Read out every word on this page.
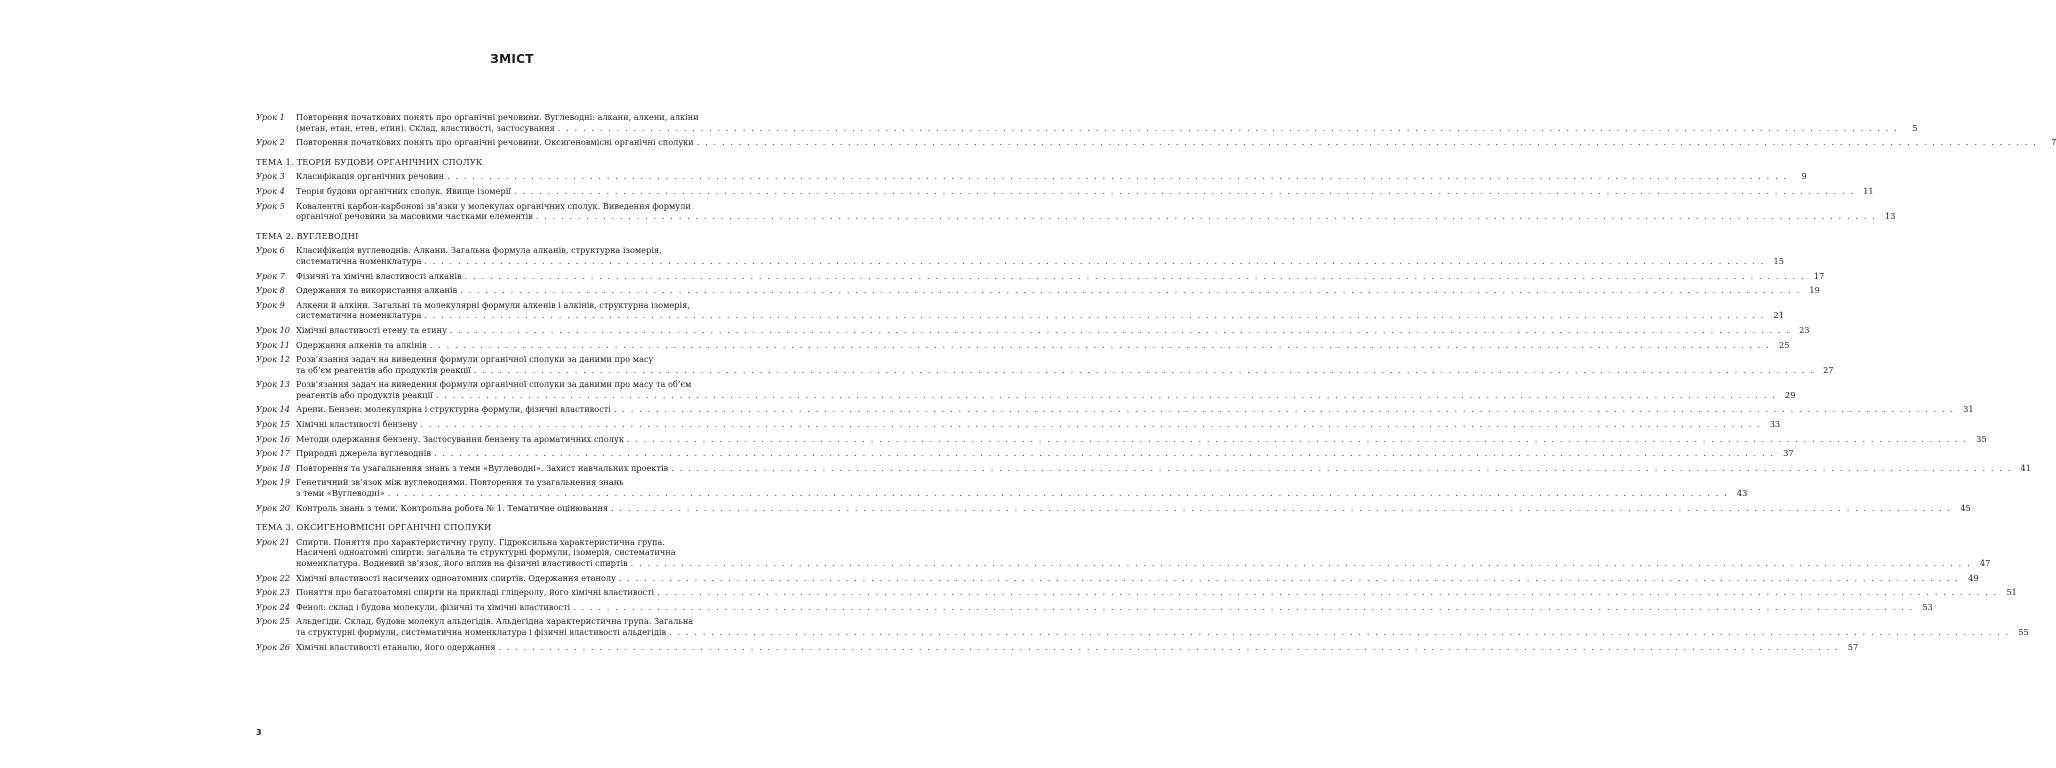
ЗМІСТ
Урок 1	Повторення початкових понять про органічні речовини. Вуглеводні: алкани, алкени, алкіни
(метан, етан, етен, етин). Склад, властивості, застосування . . . . . . . . . . . . . . . . . . . . . . . . . . . . . . . . . . . . . . . . . . . . . . . . . . . . . . . . . . . . . . . . . . . . . . . . . . . . . . . . . . . . . . . . . . . . . . . . . . . . . . . . . . . . . . . . . . . . . . . . . . . . . . . . . . . . . . . . . . . . . . . . . . . . . . . . . . . . . . . .	5
Урок 2	Повторення початкових понять про органічні речовини. Оксигеновмісні органічні сполуки . . . . . . . . . . . . . . . . . . . . . . . . . . . . . . . . . . . . . . . . . . . . . . . . . . . . . . . . . . . . . . . . . . . . . . . . . . . . . . . . . . . . . . . . . . . . . . . . . . . . . . . . . . . . . . . . . . . . . . . . . . . . . . . . . . . . . . . . . . . . . . . . . . . . . . . . . . . . . . . .	7
ТЕМА 1. ТЕОРІЯ БУДОВИ ОРГАНІЧНИХ СПОЛУК
Урок 3	Класифікація органічних речовин . . . . . . . . . . . . . . . . . . . . . . . . . . . . . . . . . . . . . . . . . . . . . . . . . . . . . . . . . . . . . . . . . . . . . . . . . . . . . . . . . . . . . . . . . . . . . . . . . . . . . . . . . . . . . . . . . . . . . . . . . . . . . . . . . . . . . . . . . . . . . . . . . . . . . . . . . . . . . . . .	9
Урок 4	Теорія будови органічних сполук. Явище ізомерії . . . . . . . . . . . . . . . . . . . . . . . . . . . . . . . . . . . . . . . . . . . . . . . . . . . . . . . . . . . . . . . . . . . . . . . . . . . . . . . . . . . . . . . . . . . . . . . . . . . . . . . . . . . . . . . . . . . . . . . . . . . . . . . . . . . . . . . . . . . . . . . . . . . . . . . . . . . . . . . .	11
Урок 5	Ковалентні карбон-карбонові зв’язки у молекулах органічних сполук. Виведення формули
органічної речовини за масовими частками елементів . . . . . . . . . . . . . . . . . . . . . . . . . . . . . . . . . . . . . . . . . . . . . . . . . . . . . . . . . . . . . . . . . . . . . . . . . . . . . . . . . . . . . . . . . . . . . . . . . . . . . . . . . . . . . . . . . . . . . . . . . . . . . . . . . . . . . . . . . . . . . . . . . . . . . . . . . . . . . . . .	13
ТЕМА 2. ВУГЛЕВОДНІ
Урок 6	Класифікація вуглеводнів. Алкани. Загальна формула алканів, структурна ізомерія,
систематична номенклатура . . . . . . . . . . . . . . . . . . . . . . . . . . . . . . . . . . . . . . . . . . . . . . . . . . . . . . . . . . . . . . . . . . . . . . . . . . . . . . . . . . . . . . . . . . . . . . . . . . . . . . . . . . . . . . . . . . . . . . . . . . . . . . . . . . . . . . . . . . . . . . . . . . . . . . . . . . . . . . . .	15
Урок 7	Фізичні та хімічні властивості алканів . . . . . . . . . . . . . . . . . . . . . . . . . . . . . . . . . . . . . . . . . . . . . . . . . . . . . . . . . . . . . . . . . . . . . . . . . . . . . . . . . . . . . . . . . . . . . . . . . . . . . . . . . . . . . . . . . . . . . . . . . . . . . . . . . . . . . . . . . . . . . . . . . . . . . . . . . . . . . . . .	17
Урок 8	Одержання та використання алканів . . . . . . . . . . . . . . . . . . . . . . . . . . . . . . . . . . . . . . . . . . . . . . . . . . . . . . . . . . . . . . . . . . . . . . . . . . . . . . . . . . . . . . . . . . . . . . . . . . . . . . . . . . . . . . . . . . . . . . . . . . . . . . . . . . . . . . . . . . . . . . . . . . . . . . . . . . . . . . . .	19
Урок 9	Алкени й алкіни. Загальні та молекулярні формули алкенів і алкінів, структурна ізомерія,
систематична номенклатура . . . . . . . . . . . . . . . . . . . . . . . . . . . . . . . . . . . . . . . . . . . . . . . . . . . . . . . . . . . . . . . . . . . . . . . . . . . . . . . . . . . . . . . . . . . . . . . . . . . . . . . . . . . . . . . . . . . . . . . . . . . . . . . . . . . . . . . . . . . . . . . . . . . . . . . . . . . . . . . .	21
Урок 10 Хімічні властивості етену та етину . . . . . . . . . . . . . . . . . . . . . . . . . . . . . . . . . . . . . . . . . . . . . . . . . . . . . . . . . . . . . . . . . . . . . . . . . . . . . . . . . . . . . . . . . . . . . . . . . . . . . . . . . . . . . . . . . . . . . . . . . . . . . . . . . . . . . . . . . . . . . . . . . . . . . . . . . . . . . . . .	23
Урок 11 Одержання алкенів та алкінів . . . . . . . . . . . . . . . . . . . . . . . . . . . . . . . . . . . . . . . . . . . . . . . . . . . . . . . . . . . . . . . . . . . . . . . . . . . . . . . . . . . . . . . . . . . . . . . . . . . . . . . . . . . . . . . . . . . . . . . . . . . . . . . . . . . . . . . . . . . . . . . . . . . . . . . . . . . . . . . .	25
Урок 12 Розв’язання задач на виведення формули органічної сполуки за даними про масу
та об’єм реагентів або продуктів реакції . . . . . . . . . . . . . . . . . . . . . . . . . . . . . . . . . . . . . . . . . . . . . . . . . . . . . . . . . . . . . . . . . . . . . . . . . . . . . . . . . . . . . . . . . . . . . . . . . . . . . . . . . . . . . . . . . . . . . . . . . . . . . . . . . . . . . . . . . . . . . . . . . . . . . . . . . . . . . . . .	27
Урок 13 Розв’язання задач на виведення формули органічної сполуки за даними про масу та об’єм
реагентів або продуктів реакції . . . . . . . . . . . . . . . . . . . . . . . . . . . . . . . . . . . . . . . . . . . . . . . . . . . . . . . . . . . . . . . . . . . . . . . . . . . . . . . . . . . . . . . . . . . . . . . . . . . . . . . . . . . . . . . . . . . . . . . . . . . . . . . . . . . . . . . . . . . . . . . . . . . . . . . . . . . . . . . .	29
Урок 14 Арени. Бензен: молекулярна і структурна формули, фізичні властивості . . . . . . . . . . . . . . . . . . . . . . . . . . . . . . . . . . . . . . . . . . . . . . . . . . . . . . . . . . . . . . . . . . . . . . . . . . . . . . . . . . . . . . . . . . . . . . . . . . . . . . . . . . . . . . . . . . . . . . . . . . . . . . . . . . . . . . . . . . . . . . . . . . . . . . . . . . . . . . . .	31
Урок 15 Хімічні властивості бензену . . . . . . . . . . . . . . . . . . . . . . . . . . . . . . . . . . . . . . . . . . . . . . . . . . . . . . . . . . . . . . . . . . . . . . . . . . . . . . . . . . . . . . . . . . . . . . . . . . . . . . . . . . . . . . . . . . . . . . . . . . . . . . . . . . . . . . . . . . . . . . . . . . . . . . . . . . . . . . . .	33
Урок 16 Методи одержання бензену. Застосування бензену та ароматичних сполук . . . . . . . . . . . . . . . . . . . . . . . . . . . . . . . . . . . . . . . . . . . . . . . . . . . . . . . . . . . . . . . . . . . . . . . . . . . . . . . . . . . . . . . . . . . . . . . . . . . . . . . . . . . . . . . . . . . . . . . . . . . . . . . . . . . . . . . . . . . . . . . . . . . . . . . . . . . . . . . .	35
Урок 17 Природні джерела вуглеводнів . . . . . . . . . . . . . . . . . . . . . . . . . . . . . . . . . . . . . . . . . . . . . . . . . . . . . . . . . . . . . . . . . . . . . . . . . . . . . . . . . . . . . . . . . . . . . . . . . . . . . . . . . . . . . . . . . . . . . . . . . . . . . . . . . . . . . . . . . . . . . . . . . . . . . . . . . . . . . . . .	37
Урок 18 Повторення та узагальнення знань з теми «Вуглеводні». Захист навчальних проектів . . . . . . . . . . . . . . . . . . . . . . . . . . . . . . . . . . . . . . . . . . . . . . . . . . . . . . . . . . . . . . . . . . . . . . . . . . . . . . . . . . . . . . . . . . . . . . . . . . . . . . . . . . . . . . . . . . . . . . . . . . . . . . . . . . . . . . . . . . . . . . . . . . . . . . . . . . . . . . . .	41
Урок 19 Генетичний зв’язок між вуглеводнями. Повторення та узагальнення знань
з теми «Вуглеводні» . . . . . . . . . . . . . . . . . . . . . . . . . . . . . . . . . . . . . . . . . . . . . . . . . . . . . . . . . . . . . . . . . . . . . . . . . . . . . . . . . . . . . . . . . . . . . . . . . . . . . . . . . . . . . . . . . . . . . . . . . . . . . . . . . . . . . . . . . . . . . . . . . . . . . . . . . . . . . . . .	43
Урок 20 Контроль знань з теми. Контрольна робота № 1. Тематичне оцінювання . . . . . . . . . . . . . . . . . . . . . . . . . . . . . . . . . . . . . . . . . . . . . . . . . . . . . . . . . . . . . . . . . . . . . . . . . . . . . . . . . . . . . . . . . . . . . . . . . . . . . . . . . . . . . . . . . . . . . . . . . . . . . . . . . . . . . . . . . . . . . . . . . . . . . . . . . . . . . . . .	45
ТЕМА 3. ОКСИГЕНОВМІСНІ ОРГАНІЧНІ СПОЛУКИ
Урок 21 Спирти. Поняття про характеристичну групу. Гідроксильна характеристична група.
Насичені одноатомні спирти: загальна та структурні формули, ізомерія, систематична
номенклатура. Водневий зв’язок, його вплив на фізичні властивості спиртів . . . . . . . . . . . . . . . . . . . . . . . . . . . . . . . . . . . . . . . . . . . . . . . . . . . . . . . . . . . . . . . . . . . . . . . . . . . . . . . . . . . . . . . . . . . . . . . . . . . . . . . . . . . . . . . . . . . . . . . . . . . . . . . . . . . . . . . . . . . . . . . . . . . . . . . . . . . . . . . .	47
Урок 22 Хімічні властивості насичених одноатомних спиртів. Одержання етанолу . . . . . . . . . . . . . . . . . . . . . . . . . . . . . . . . . . . . . . . . . . . . . . . . . . . . . . . . . . . . . . . . . . . . . . . . . . . . . . . . . . . . . . . . . . . . . . . . . . . . . . . . . . . . . . . . . . . . . . . . . . . . . . . . . . . . . . . . . . . . . . . . . . . . . . . . . . . . . . . .	49
Урок 23 Поняття про багатоатомні спирти на прикладі гліцеролу, його хімічні властивості . . . . . . . . . . . . . . . . . . . . . . . . . . . . . . . . . . . . . . . . . . . . . . . . . . . . . . . . . . . . . . . . . . . . . . . . . . . . . . . . . . . . . . . . . . . . . . . . . . . . . . . . . . . . . . . . . . . . . . . . . . . . . . . . . . . . . . . . . . . . . . . . . . . . . . . . . . . . . . . .	51
Урок 24 Фенол: склад і будова молекули, фізичні та хімічні властивості . . . . . . . . . . . . . . . . . . . . . . . . . . . . . . . . . . . . . . . . . . . . . . . . . . . . . . . . . . . . . . . . . . . . . . . . . . . . . . . . . . . . . . . . . . . . . . . . . . . . . . . . . . . . . . . . . . . . . . . . . . . . . . . . . . . . . . . . . . . . . . . . . . . . . . . . . . . . . . . .	53
Урок 25 Альдегіди. Склад, будова молекул альдегідів. Альдегідна характеристична група. Загальна
та структурні формули, систематична номенклатура і фізичні властивості альдегідів . . . . . . . . . . . . . . . . . . . . . . . . . . . . . . . . . . . . . . . . . . . . . . . . . . . . . . . . . . . . . . . . . . . . . . . . . . . . . . . . . . . . . . . . . . . . . . . . . . . . . . . . . . . . . . . . . . . . . . . . . . . . . . . . . . . . . . . . . . . . . . . . . . . . . . . . . . . . . . . .	55
Урок 26 Хімічні властивості етаналю, його одержання . . . . . . . . . . . . . . . . . . . . . . . . . . . . . . . . . . . . . . . . . . . . . . . . . . . . . . . . . . . . . . . . . . . . . . . . . . . . . . . . . . . . . . . . . . . . . . . . . . . . . . . . . . . . . . . . . . . . . . . . . . . . . . . . . . . . . . . . . . . . . . . . . . . . . . . . . . . . . . . .	57
3
